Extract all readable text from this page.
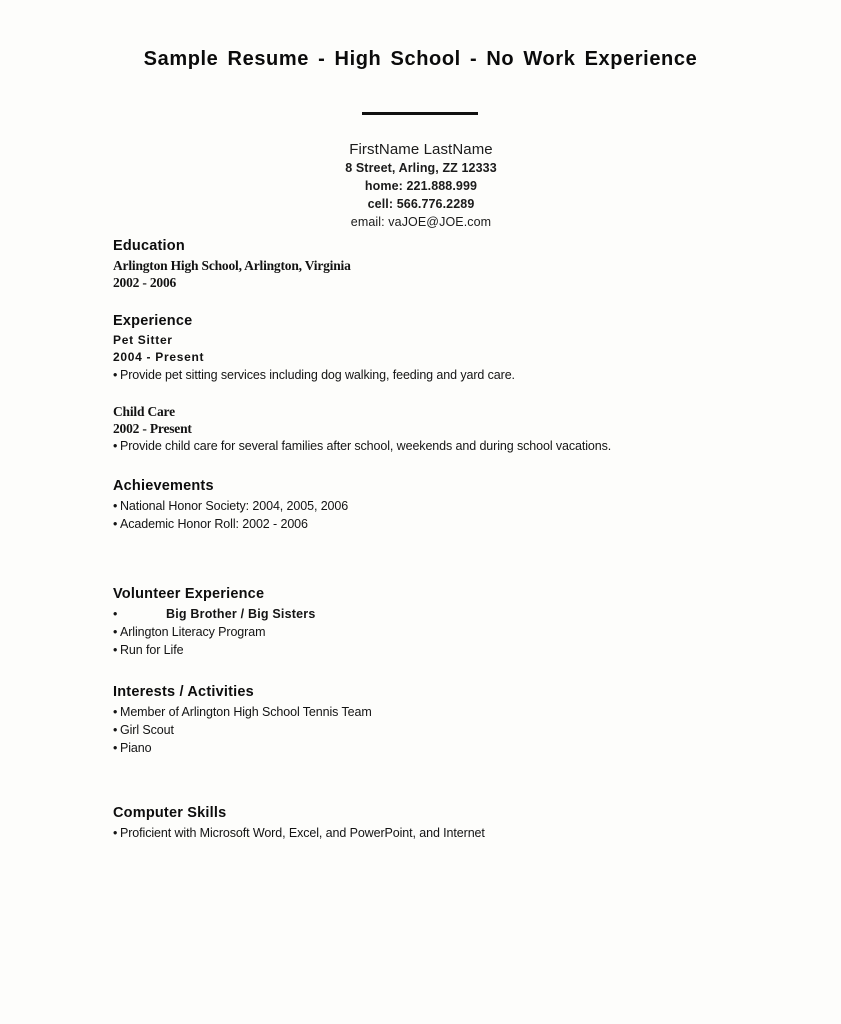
Sample Resume - High School - No Work Experience
FirstName LastName
8 Street, Arling, ZZ 12333
home: 221.888.999
cell: 566.776.2289
email: vaJOE@JOE.com
Education

Arlington High School, Arlington, Virginia

2002 - 2006

Experience

Pet Sitter

2004 - Present

• Provide pet sitting services including dog walking, feeding and yard care.

Child Care

2002 - Present

• Provide child care for several families after school, weekends and during school vacations.

Achievements

• National Honor Society: 2004, 2005, 2006

• Academic Honor Roll: 2002 - 2006

Volunteer Experience

•	Big Brother / Big Sisters

• Arlington Literacy Program

• Run for Life

Interests / Activities

• Member of Arlington High School Tennis Team

• Girl Scout

• Piano

Computer Skills

• Proficient with Microsoft Word, Excel, and PowerPoint, and Internet
